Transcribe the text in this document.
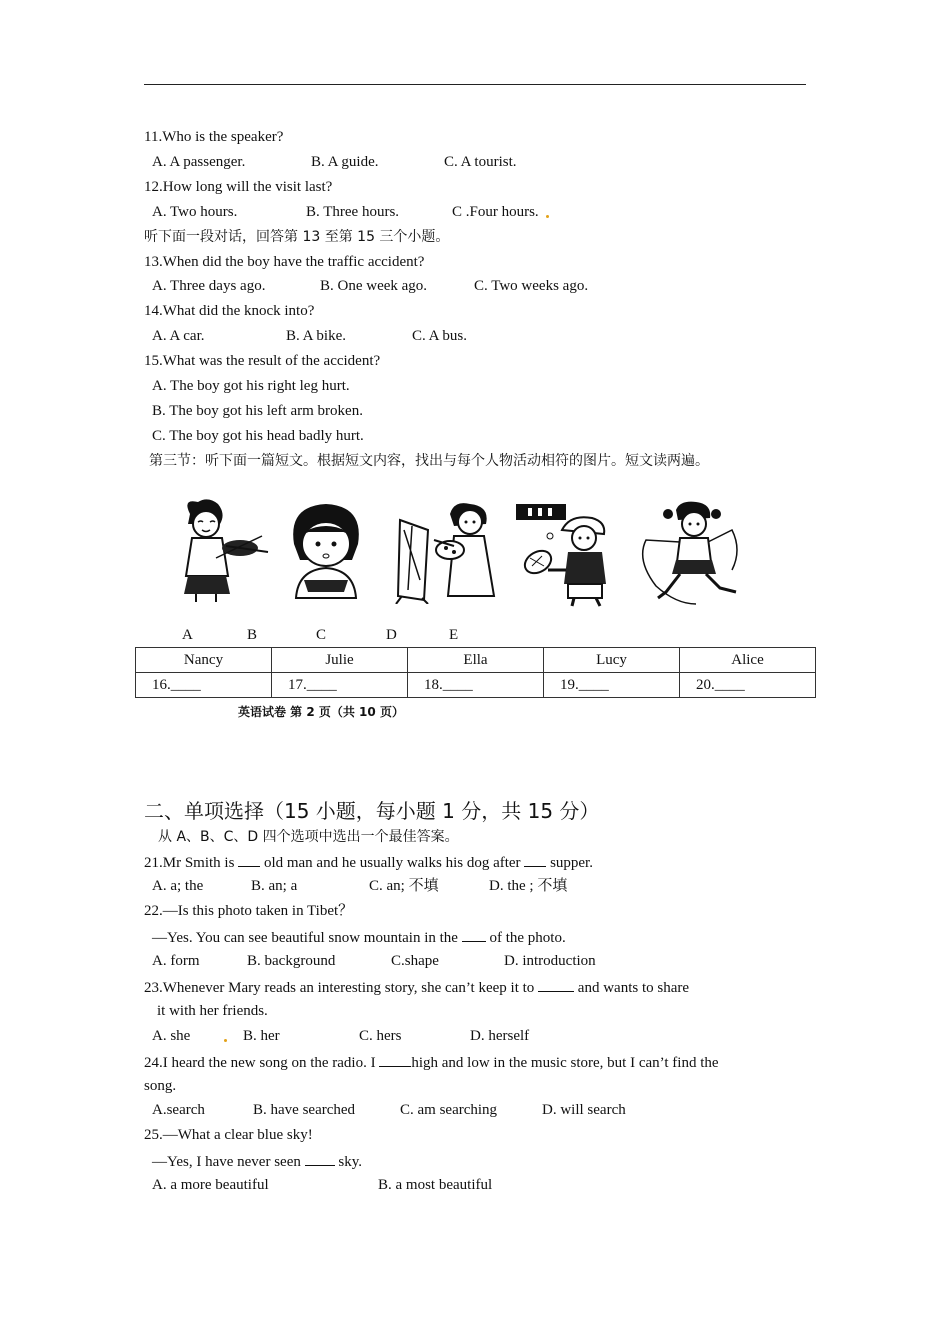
11.Who is the speaker?
A. A passenger.	B. A guide.	C. A tourist.
12.How long will the visit last?
A. Two hours.	B. Three hours.	C .Four hours.
听下面一段对话，回答第 13 至第 15 三个小题。
13.When did the boy have the traffic accident?
A. Three days ago.	B. One week ago.	C. Two weeks ago.
14.What did the knock into?
A. A car.	B. A bike.	C. A bus.
15.What was the result of the accident?
A. The boy got his right leg hurt.
B. The boy got his left arm broken.
C. The boy got his head badly hurt.
第三节：听下面一篇短文。根据短文内容，找出与每个人物活动相符的图片。短文读两遍。
A	B	C	D	E
Nancy	Julie	Ella	Lucy	Alice
16.____	17.____	18.____	19.____	20.____
英语试卷 第 2 页（共 10 页）
二、单项选择（15 小题，每小题 1 分，共 15 分）
从 A、B、C、D 四个选项中选出一个最佳答案。
21.Mr Smith is  old man and he usually walks his dog after  supper.
A. a; the	B. an; a	C. an; 不填	D. the ; 不填
22.—Is this photo taken in Tibet？
—Yes. You can see beautiful snow mountain in the  of the photo.
A. form	B. background	C.shape	D. introduction
23.Whenever Mary reads an interesting story, she can’t keep it to  and wants to share
it with her friends.
A. she	B. her	C. hers	D. herself
24.I heard the new song on the radio. I high and low in the music store, but I can’t find the
song.
A.search	B. have searched	C. am searching	D. will search
25.—What a clear blue sky!
—Yes, I have never seen  sky.
A. a more beautiful	B. a most beautiful
